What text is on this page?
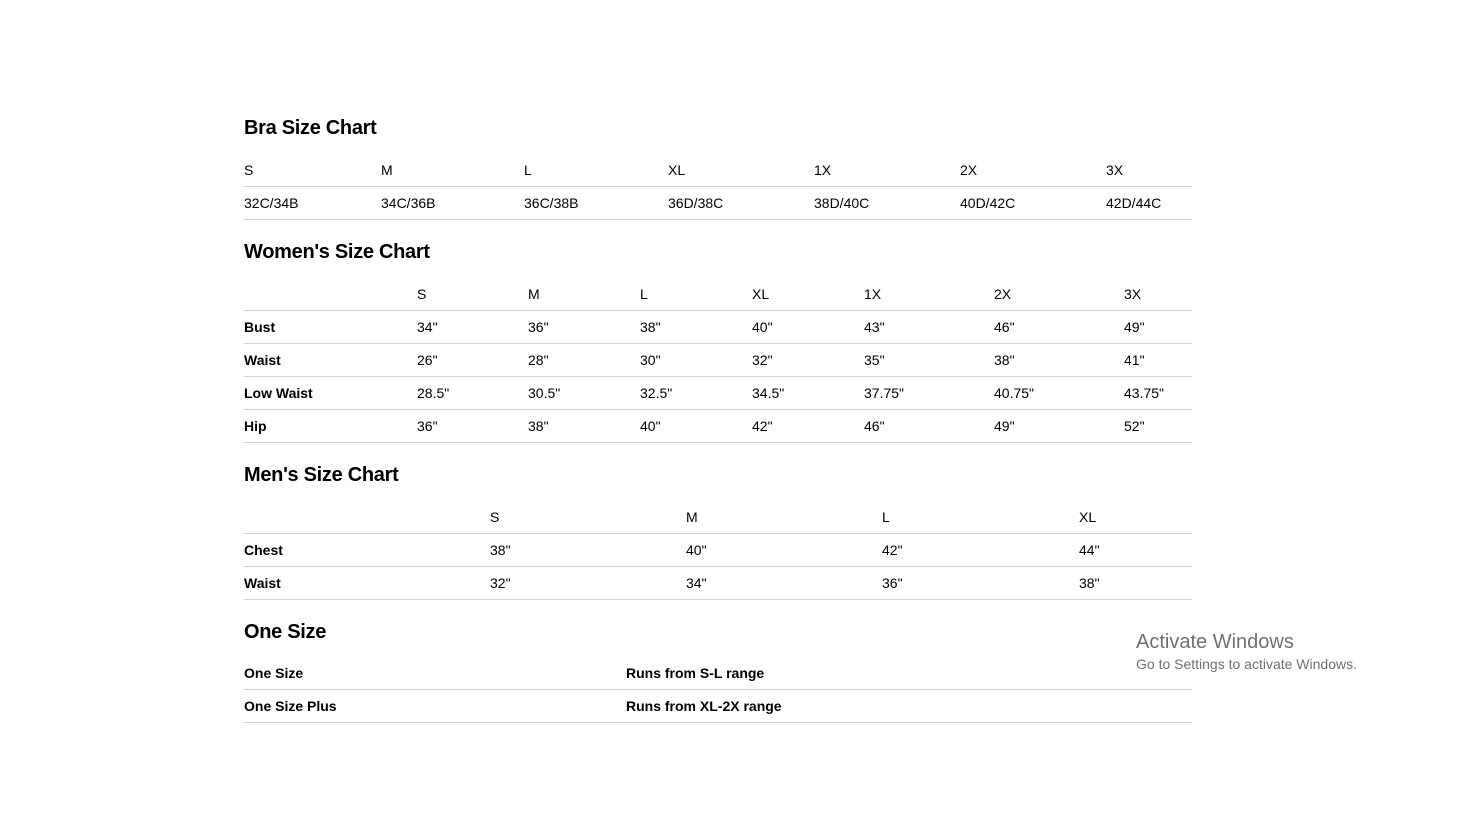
Bra Size Chart
S	M	L	XL	1X	2X	3X
32C/34B	34C/36B	36C/38B	36D/38C	38D/40C	40D/42C	42D/44C
Women's Size Chart
	S	M	L	XL	1X	2X	3X
Bust	34"	36"	38"	40"	43"	46"	49"
Waist	26"	28"	30"	32"	35"	38"	41"
Low Waist	28.5"	30.5"	32.5"	34.5"	37.75"	40.75"	43.75"
Hip	36"	38"	40"	42"	46"	49"	52"
Men's Size Chart
	S	M	L	XL
Chest	38"	40"	42"	44"
Waist	32"	34"	36"	38"
One Size
One Size	Runs from S-L range
One Size Plus	Runs from XL-2X range
Activate Windows
Go to Settings to activate Windows.
